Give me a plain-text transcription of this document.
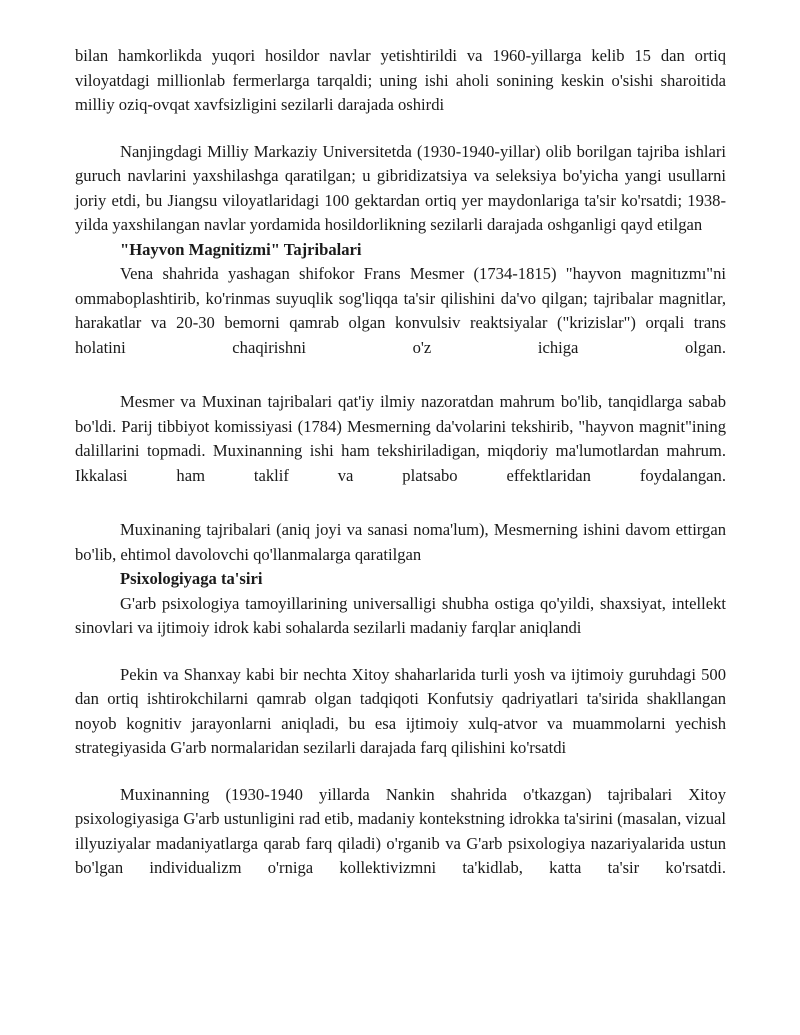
bilan hamkorlikda yuqori hosildor navlar yetishtirildi va 1960-yillarga kelib 15 dan ortiq viloyatdagi millionlab fermerlarga tarqaldi; uning ishi aholi sonining keskin o'sishi sharoitida milliy oziq-ovqat xavfsizligini sezilarli darajada oshirdi

Nanjingdagi Milliy Markaziy Universitetda (1930-1940-yillar) olib borilgan tajriba ishlari guruch navlarini yaxshilashga qaratilgan; u gibridizatsiya va seleksiya bo'yicha yangi usullarni joriy etdi, bu Jiangsu viloyatlaridagi 100 gektardan ortiq yer maydonlariga ta'sir ko'rsatdi; 1938-yilda yaxshilangan navlar yordamida hosildorlikning sezilarli darajada oshganligi qayd etilgan

"Hayvon Magnitizmi" Tajribalari

Vena shahrida yashagan shifokor Frans Mesmer (1734-1815) "hayvon magnitızmı"ni ommaboplashtirib, ko'rinmas suyuqlik sog'liqqa ta'sir qilishini da'vo qilgan; tajribalar magnitlar, harakatlar va 20-30 bemorni qamrab olgan konvulsiv reaktsiyalar ("krizislar") orqali trans holatini chaqirishni o'z ichiga olgan.

Mesmer va Muxinan tajribalari qat'iy ilmiy nazoratdan mahrum bo'lib, tanqidlarga sabab bo'ldi. Parij tibbiyot komissiyasi (1784) Mesmerning da'volarini tekshirib, "hayvon magnit"ining dalillarini topmadi. Muxinanning ishi ham tekshiriladigan, miqdoriy ma'lumotlardan mahrum. Ikkalasi ham taklif va platsabo effektlaridan foydalangan.

Muxinaning tajribalari (aniq joyi va sanasi noma'lum), Mesmerning ishini davom ettirgan bo'lib, ehtimol davolovchi qo'llanmalarga qaratilgan

Psixologiyaga ta'siri

G'arb psixologiya tamoyillarining universalligi shubha ostiga qo'yildi, shaxsiyat, intellekt sinovlari va ijtimoiy idrok kabi sohalarda sezilarli madaniy farqlar aniqlandi

Pekin va Shanxay kabi bir nechta Xitoy shaharlarida turli yosh va ijtimoiy guruhdagi 500 dan ortiq ishtirokchilarni qamrab olgan tadqiqoti Konfutsiy qadriyatlari ta'sirida shakllangan noyob kognitiv jarayonlarni aniqladi, bu esa ijtimoiy xulq-atvor va muammolarni yechish strategiyasida G'arb normalaridan sezilarli darajada farq qilishini ko'rsatdi

Muxinanning (1930-1940 yillarda Nankin shahrida o'tkazgan) tajribalari Xitoy psixologiyasiga G'arb ustunligini rad etib, madaniy kontekstning idrokka ta'sirini (masalan, vizual illyuziyalar madaniyatlarga qarab farq qiladi) o'rganib va G'arb psixologiya nazariyalarida ustun bo'lgan individualizm o'rniga kollektivizmni ta'kidlab, katta ta'sir ko'rsatdi.
